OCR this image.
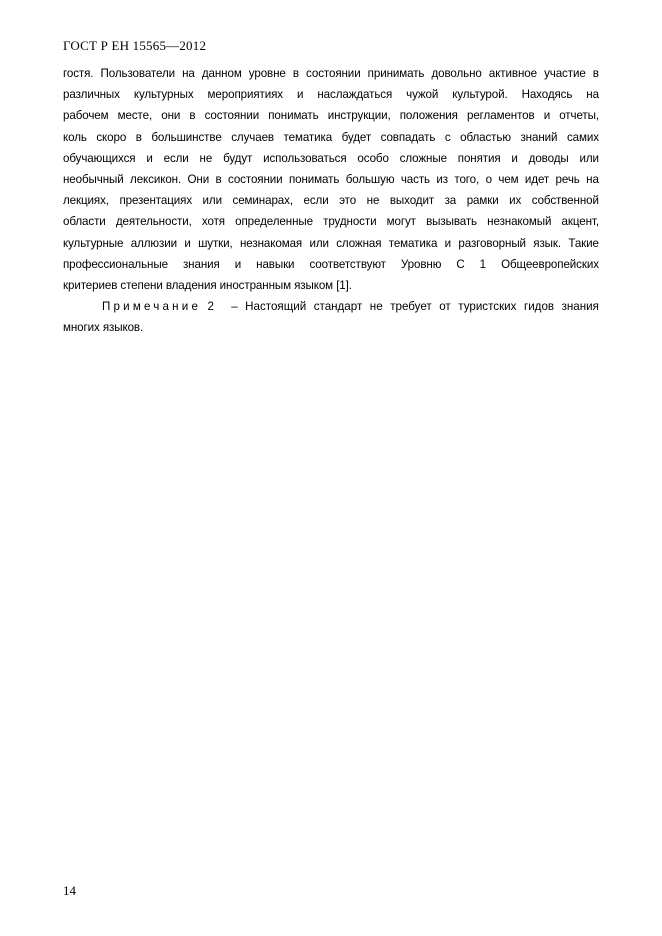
ГОСТ Р ЕН 15565—2012
гостя. Пользователи на данном уровне в состоянии принимать довольно активное участие в
различных культурных мероприятиях и наслаждаться чужой культурой. Находясь на
рабочем месте, они в состоянии понимать инструкции, положения регламентов и отчеты,
коль скоро в большинстве случаев тематика будет совпадать с областью знаний самих
обучающихся и если не будут использоваться особо сложные понятия и доводы или
необычный лексикон. Они в состоянии понимать большую часть из того, о чем идет речь на
лекциях, презентациях или семинарах, если это не выходит за рамки их собственной
области деятельности, хотя определенные трудности могут вызывать незнакомый акцент,
культурные аллюзии и шутки, незнакомая или сложная тематика и разговорный язык. Такие
профессиональные знания и навыки соответствуют Уровню С 1 Общеевропейских
критериев степени владения иностранным языком [1].
Примечание 2 – Настоящий стандарт не требует от туристских гидов знания
многих языков.
14
